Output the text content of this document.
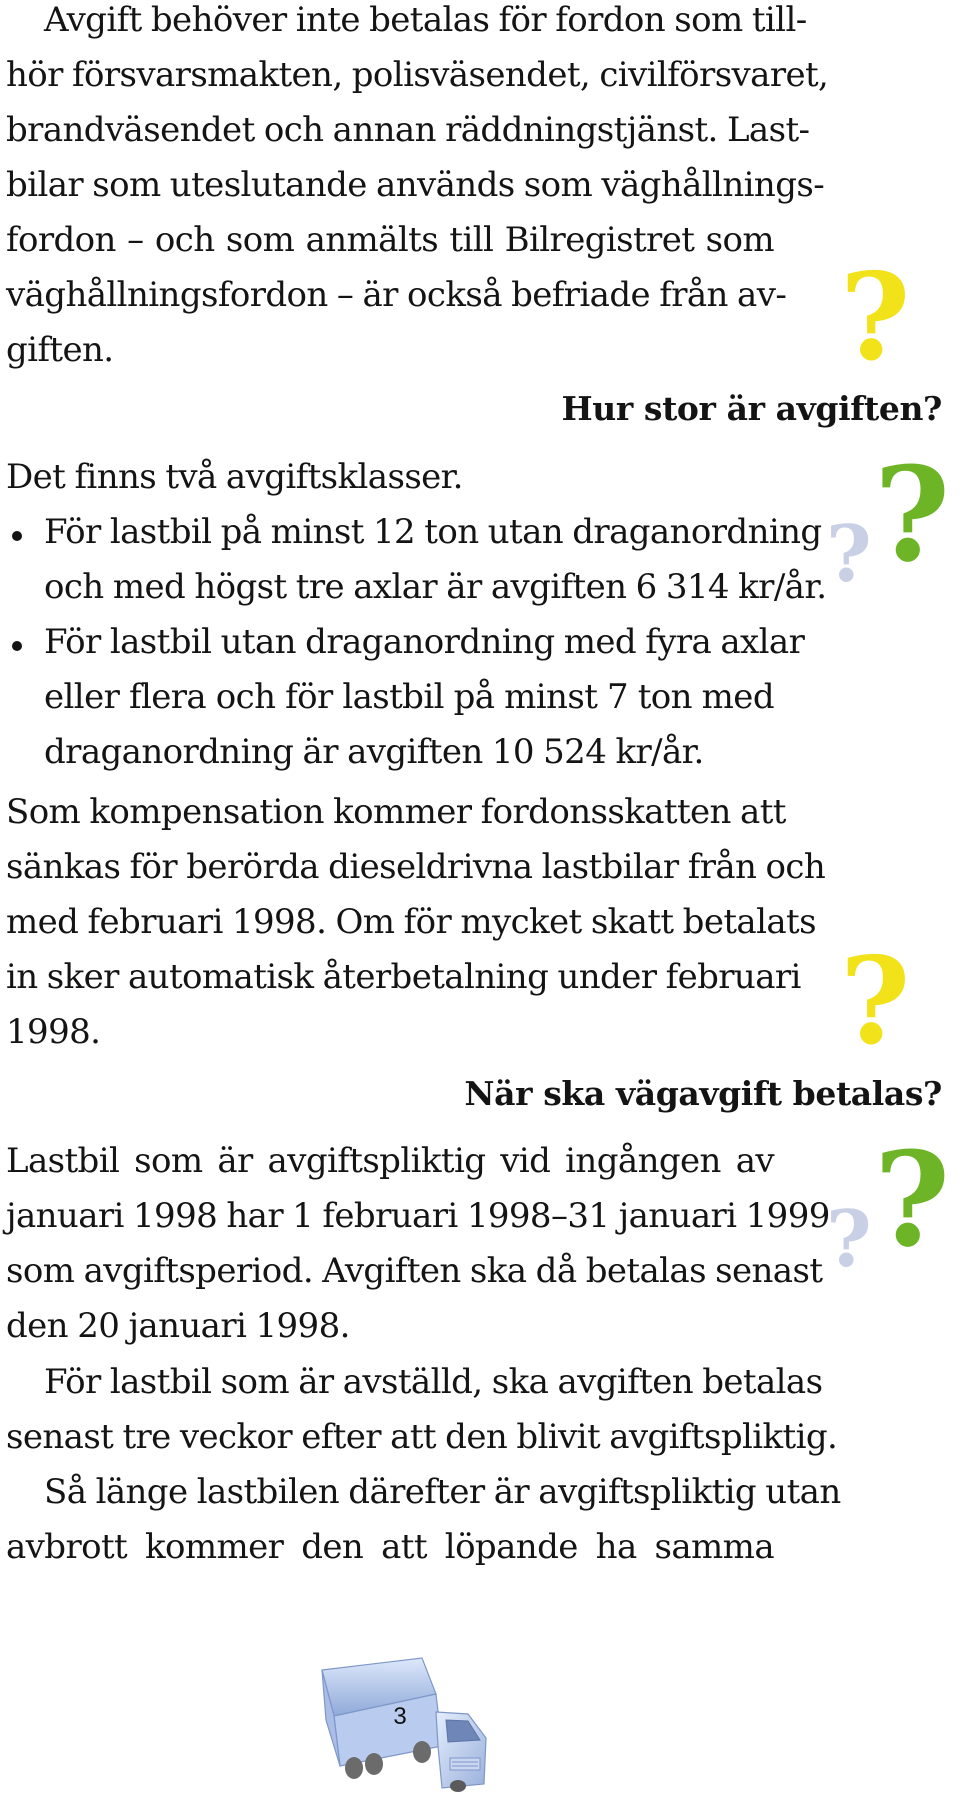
Avgift behöver inte betalas för fordon som till-
hör försvarsmakten, polisväsendet, civilförsvaret,
brandväsendet och annan räddningstjänst. Last-
bilar som uteslutande används som väghållnings-
fordon – och som anmälts till Bilregistret som
väghållningsfordon – är också befriade från av-
giften.	?
Hur stor är avgiften?
Det finns två avgiftsklasser.
För lastbil på minst 12 ton utan draganordning
och med högst tre axlar är avgiften 6 314 kr/år.
För lastbil utan draganordning med fyra axlar
eller flera och för lastbil på minst 7 ton med
draganordning är avgiften 10 524 kr/år.
? ?
Som kompensation kommer fordonsskatten att
sänkas för berörda dieseldrivna lastbilar från och
med februari 1998. Om för mycket skatt betalats
in sker automatisk återbetalning under februari
1998.	?
När ska vägavgift betalas?
Lastbil som är avgiftspliktig vid ingången av
januari 1998 har 1 februari 1998–31 januari 1999
som avgiftsperiod. Avgiften ska då betalas senast
den 20 januari 1998.
? ?
För lastbil som är avställd, ska avgiften betalas
senast tre veckor efter att den blivit avgiftspliktig.
Så länge lastbilen därefter är avgiftspliktig utan
avbrott kommer den att löpande ha samma
3
